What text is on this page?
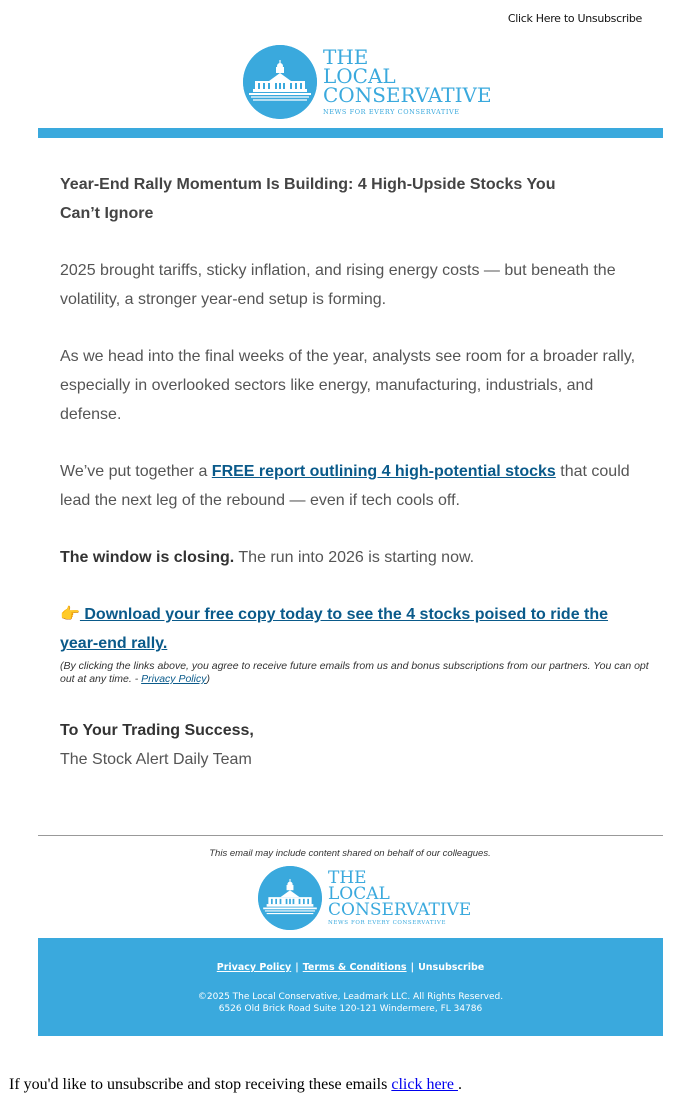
Click Here to Unsubscribe
THE
LOCAL
CONSERVATIVE
NEWS FOR EVERY CONSERVATIVE
Year-End Rally Momentum Is Building: 4 High-Upside Stocks You Can’t Ignore
2025 brought tariffs, sticky inflation, and rising energy costs — but beneath the volatility, a stronger year-end setup is forming.
As we head into the final weeks of the year, analysts see room for a broader rally, especially in overlooked sectors like energy, manufacturing, industrials, and defense.
We’ve put together a FREE report outlining 4 high-potential stocks that could lead the next leg of the rebound — even if tech cools off.
The window is closing. The run into 2026 is starting now.
👉 Download your free copy today to see the 4 stocks poised to ride the year-end rally.
(By clicking the links above, you agree to receive future emails from us and bonus subscriptions from our partners. You can opt out at any time. - Privacy Policy)
To Your Trading Success,
The Stock Alert Daily Team
This email may include content shared on behalf of our colleagues.
THE
LOCAL
CONSERVATIVE
NEWS FOR EVERY CONSERVATIVE
Privacy Policy | Terms & Conditions | Unsubscribe
©2025 The Local Conservative, Leadmark LLC. All Rights Reserved.
6526 Old Brick Road Suite 120-121 Windermere, FL 34786
If you'd like to unsubscribe and stop receiving these emails click here .
